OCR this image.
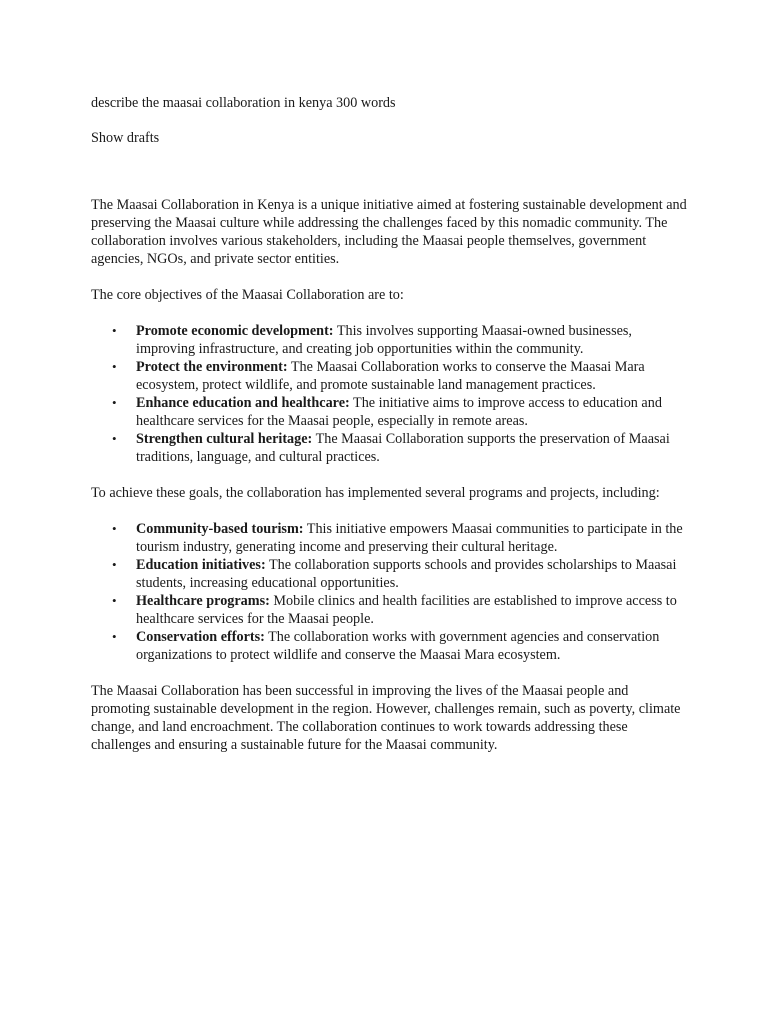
describe the maasai collaboration in kenya 300 words

Show drafts

The Maasai Collaboration in Kenya is a unique initiative aimed at fostering sustainable development and preserving the Maasai culture while addressing the challenges faced by this nomadic community. The collaboration involves various stakeholders, including the Maasai people themselves, government agencies, NGOs, and private sector entities.

The core objectives of the Maasai Collaboration are to:

• Promote economic development: This involves supporting Maasai-owned businesses, improving infrastructure, and creating job opportunities within the community.
• Protect the environment: The Maasai Collaboration works to conserve the Maasai Mara ecosystem, protect wildlife, and promote sustainable land management practices.
• Enhance education and healthcare: The initiative aims to improve access to education and healthcare services for the Maasai people, especially in remote areas.
• Strengthen cultural heritage: The Maasai Collaboration supports the preservation of Maasai traditions, language, and cultural practices.

To achieve these goals, the collaboration has implemented several programs and projects, including:

• Community-based tourism: This initiative empowers Maasai communities to participate in the tourism industry, generating income and preserving their cultural heritage.
• Education initiatives: The collaboration supports schools and provides scholarships to Maasai students, increasing educational opportunities.
• Healthcare programs: Mobile clinics and health facilities are established to improve access to healthcare services for the Maasai people.
• Conservation efforts: The collaboration works with government agencies and conservation organizations to protect wildlife and conserve the Maasai Mara ecosystem.

The Maasai Collaboration has been successful in improving the lives of the Maasai people and promoting sustainable development in the region. However, challenges remain, such as poverty, climate change, and land encroachment. The collaboration continues to work towards addressing these challenges and ensuring a sustainable future for the Maasai community.
